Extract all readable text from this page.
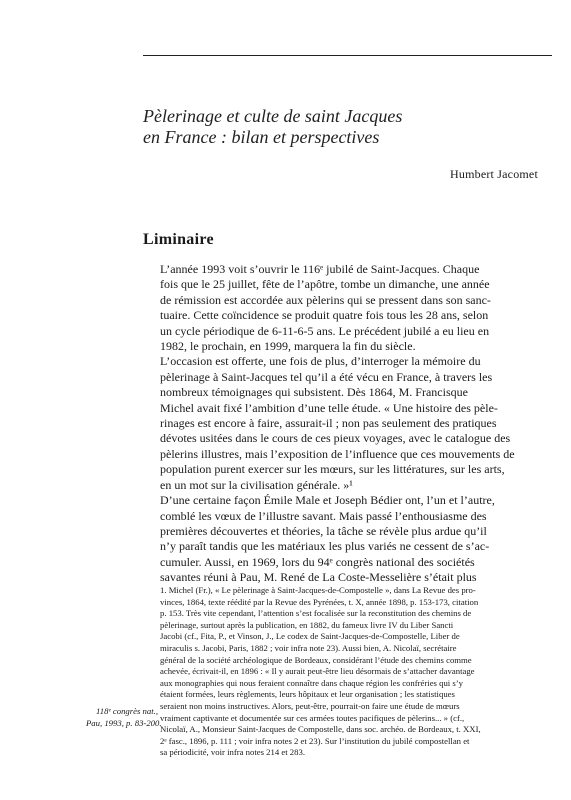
Pèlerinage et culte de saint Jacques
en France : bilan et perspectives
Humbert Jacomet
Liminaire
L’année 1993 voit s’ouvrir le 116ᵉ jubilé de Saint-Jacques. Chaque
fois que le 25 juillet, fête de l’apôtre, tombe un dimanche, une année
de rémission est accordée aux pèlerins qui se pressent dans son sanc-
tuaire. Cette coïncidence se produit quatre fois tous les 28 ans, selon
un cycle périodique de 6-11-6-5 ans. Le précédent jubilé a eu lieu en
1982, le prochain, en 1999, marquera la fin du siècle.
L’occasion est offerte, une fois de plus, d’interroger la mémoire du
pèlerinage à Saint-Jacques tel qu’il a été vécu en France, à travers les
nombreux témoignages qui subsistent. Dès 1864, M. Francisque
Michel avait fixé l’ambition d’une telle étude. « Une histoire des pèle-
rinages est encore à faire, assurait-il ; non pas seulement des pratiques
dévotes usitées dans le cours de ces pieux voyages, avec le catalogue des
pèlerins illustres, mais l’exposition de l’influence que ces mouvements de
population purent exercer sur les mœurs, sur les littératures, sur les arts,
en un mot sur la civilisation générale. »¹
D’une certaine façon Émile Male et Joseph Bédier ont, l’un et l’autre,
comblé les vœux de l’illustre savant. Mais passé l’enthousiasme des
premières découvertes et théories, la tâche se révèle plus ardue qu’il
n’y paraît tandis que les matériaux les plus variés ne cessent de s’ac-
cumuler. Aussi, en 1969, lors du 94ᵉ congrès national des sociétés
savantes réuni à Pau, M. René de La Coste-Messelière s’était plus
1. Michel (Fr.), « Le pèlerinage à Saint-Jacques-de-Compostelle », dans La Revue des pro-
vinces, 1864, texte réédité par la Revue des Pyrénées, t. X, année 1898, p. 153-173, citation
p. 153. Très vite cependant, l’attention s’est focalisée sur la reconstitution des chemins de
pèlerinage, surtout après la publication, en 1882, du fameux livre IV du Liber Sancti
Jacobi (cf., Fita, P., et Vinson, J., Le codex de Saint-Jacques-de-Compostelle, Liber de
miraculis s. Jacobi, Paris, 1882 ; voir infra note 23). Aussi bien, A. Nicolaï, secrétaire
général de la société archéologique de Bordeaux, considérant l’étude des chemins comme
achevée, écrivait-il, en 1896 : « Il y aurait peut-être lieu désormais de s’attacher davantage
aux monographies qui nous feraient connaître dans chaque région les confréries qui s’y
étaient formées, leurs règlements, leurs hôpitaux et leur organisation ; les statistiques
seraient non moins instructives. Alors, peut-être, pourrait-on faire une étude de mœurs
vraiment captivante et documentée sur ces armées toutes pacifiques de pèlerins... » (cf.,
Nicolaï, A., Monsieur Saint-Jacques de Compostelle, dans soc. archéo. de Bordeaux, t. XXI,
2ᵉ fasc., 1896, p. 111 ; voir infra notes 2 et 23). Sur l’institution du jubilé compostellan et
sa périodicité, voir infra notes 214 et 283.
118ᵉ congrès nat.,
Pau, 1993, p. 83-200.
